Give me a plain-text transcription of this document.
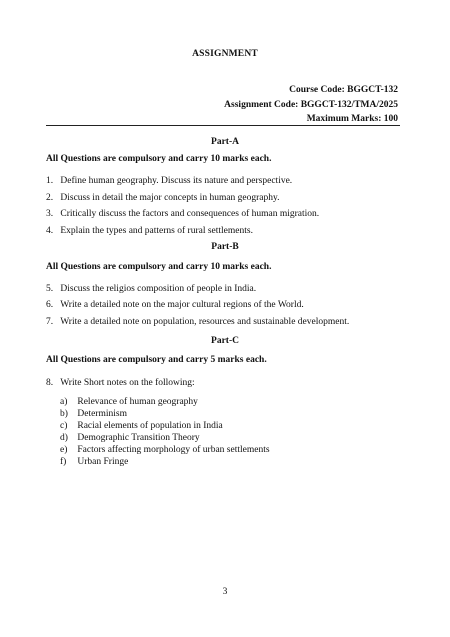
ASSIGNMENT
Course Code: BGGCT-132
Assignment Code: BGGCT-132/TMA/2025
Maximum Marks: 100
Part-A
All Questions are compulsory and carry 10 marks each.
1. Define human geography. Discuss its nature and perspective.
2. Discuss in detail the major concepts in human geography.
3. Critically discuss the factors and consequences of human migration.
4. Explain the types and patterns of rural settlements.
Part-B
All Questions are compulsory and carry 10 marks each.
5. Discuss the religios composition of people in India.
6. Write a detailed note on the major cultural regions of the World.
7. Write a detailed note on population, resources and sustainable development.
Part-C
All Questions are compulsory and carry 5 marks each.
8. Write Short notes on the following:
a) Relevance of human geography
b) Determinism
c) Racial elements of population in India
d) Demographic Transition Theory
e) Factors affecting morphology of urban settlements
f) Urban Fringe
3
